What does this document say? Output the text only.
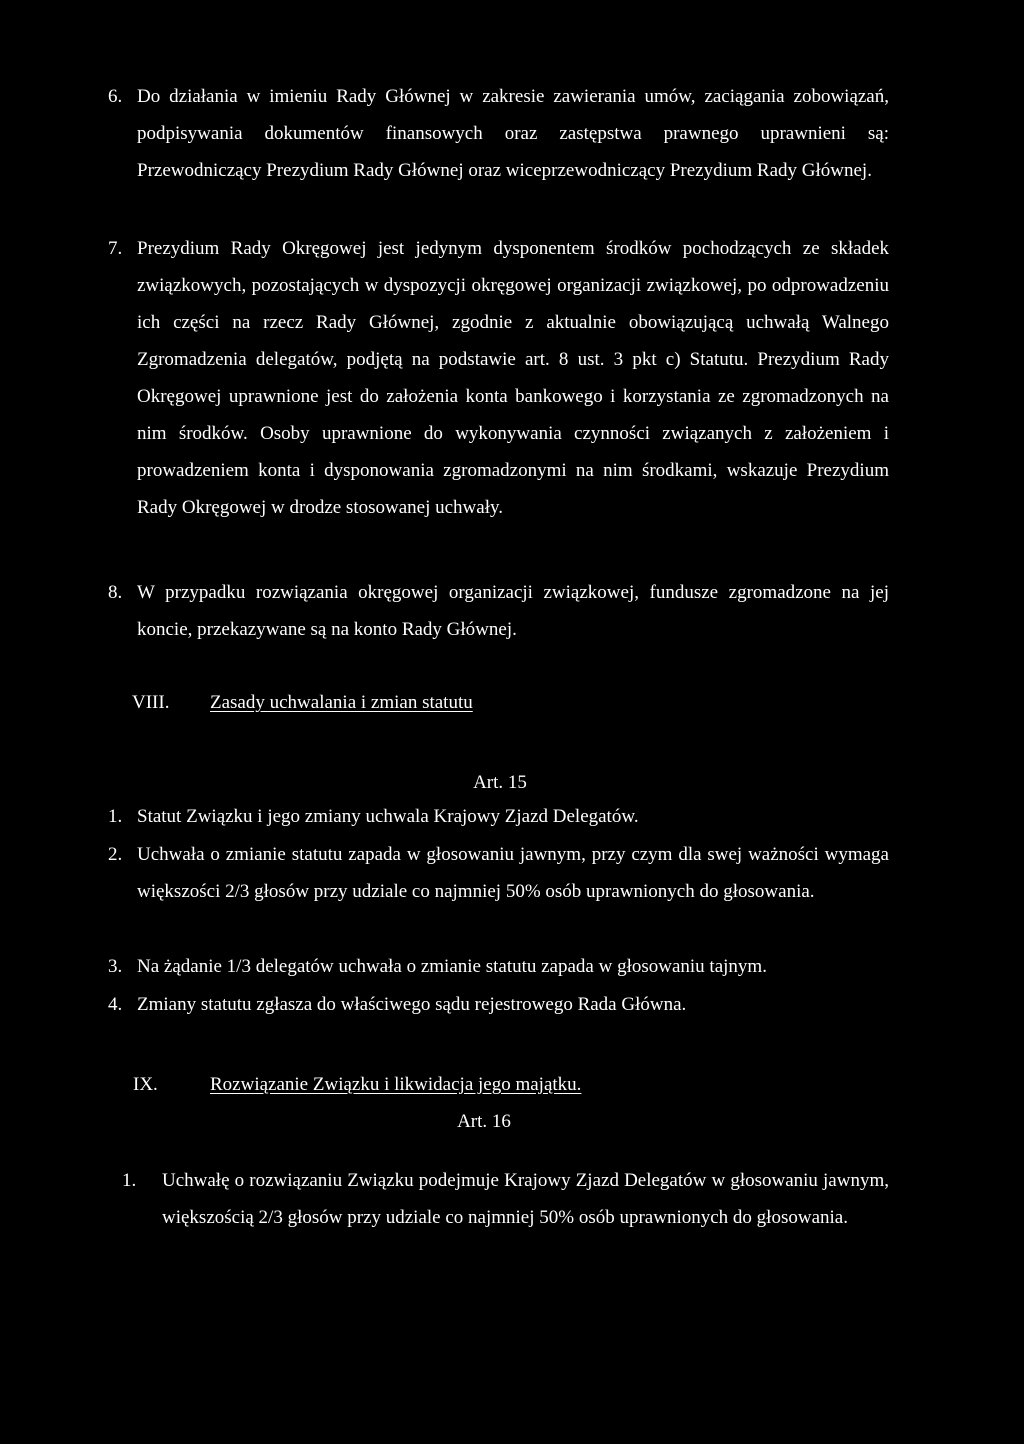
6. Do działania w imieniu Rady Głównej w zakresie zawierania umów, zaciągania zobowiązań, podpisywania dokumentów finansowych oraz zastępstwa prawnego uprawnieni są: Przewodniczący Prezydium Rady Głównej oraz wiceprzewodniczący Prezydium Rady Głównej.
7. Prezydium Rady Okręgowej jest jedynym dysponentem środków pochodzących ze składek związkowych, pozostających w dyspozycji okręgowej organizacji związkowej, po odprowadzeniu ich części na rzecz Rady Głównej, zgodnie z aktualnie obowiązującą uchwałą Walnego Zgromadzenia delegatów, podjętą na podstawie art. 8 ust. 3 pkt c) Statutu. Prezydium Rady Okręgowej uprawnione jest do założenia konta bankowego i korzystania ze zgromadzonych na nim środków. Osoby uprawnione do wykonywania czynności związanych z założeniem i prowadzeniem konta i dysponowania zgromadzonymi na nim środkami, wskazuje Prezydium Rady Okręgowej w drodze stosowanej uchwały.
8. W przypadku rozwiązania okręgowej organizacji związkowej, fundusze zgromadzone na jej koncie, przekazywane są na konto Rady Głównej.
VIII. Zasady uchwalania i zmian statutu
Art. 15
1. Statut Związku i jego zmiany uchwala Krajowy Zjazd Delegatów.
2. Uchwała o zmianie statutu zapada w głosowaniu jawnym, przy czym dla swej ważności wymaga większości 2/3 głosów przy udziale co najmniej 50% osób uprawnionych do głosowania.
3. Na żądanie 1/3 delegatów uchwała o zmianie statutu zapada w głosowaniu tajnym.
4. Zmiany statutu zgłasza do właściwego sądu rejestrowego Rada Główna.
IX.	Rozwiązanie Związku i likwidacja jego majątku.
Art. 16
1. Uchwałę o rozwiązaniu Związku podejmuje Krajowy Zjazd Delegatów w głosowaniu jawnym, większością 2/3 głosów przy udziale co najmniej 50% osób uprawnionych do głosowania.
